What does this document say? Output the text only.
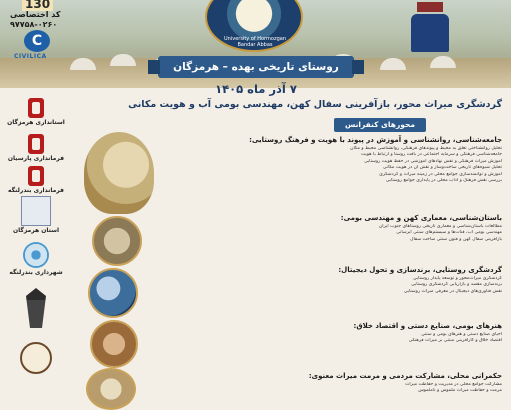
University of Hormozgan Bandar Abbas
130
کد اختصاصی
۹۷۷۵۸-۰۲۶۰
C
CIVILICA
روستای تاریخی بهده – هرمزگان
۷ آذر ماه ۱۴۰۵
استانداری هرمزگان
فرمانداری پارسیان
فرمانداری بندرلنگه
استان هرمزگان
شهرداری بندرلنگه
گردشگری میراث محور، بازآفرینی سفال کهن، مهندسی بومی آب و هویت مکانی
محورهای کنفرانس
جامعه‌شناسی، روانشناسی و آموزش در پیوند با هویت و فرهنگ روستایی:
تحلیل روانشناختی تعلق به محیط و پیوندهای فرهنگی، روانشناسی محیط و مکان
جامعه‌شناسی فرهنگی و سرمایه اجتماعی در بافت روستا و ارتباط با هویت
آموزش میراث فرهنگی و نقش نهادهای آموزشی در حفظ هویت روستایی
تحلیل شیوه‌های تاریخی ساخت‌وساز و نقش آن در هویت مکانی
آموزش و توانمندسازی جوامع محلی در زمینه میراث و گردشگری
بررسی نقش فرهنگ و آداب محلی در پایداری جوامع روستایی
باستان‌شناسی، معماری کهن و مهندسی بومی:
مطالعات باستان‌شناسی و معماری تاریخی روستاهای جنوب ایران
مهندسی بومی آب، قنات‌ها و سیستم‌های سنتی آبرسانی
بازآفرینی سفال کهن و فنون سنتی ساخت سفال
گردشگری روستایی، برندسازی و تحول دیجیتال:
گردشگری میراث‌محور و توسعه پایدار روستایی
برندسازی مقصد و بازاریابی گردشگری روستایی
نقش فناوری‌های دیجیتال در معرفی میراث روستایی
هنرهای بومی، صنایع دستی و اقتصاد خلاق:
احیای صنایع دستی و هنرهای بومی و سنتی
اقتصاد خلاق و کارآفرینی مبتنی بر میراث فرهنگی
حکمرانی محلی، مشارکت مردمی و مرمت میراث معنوی:
مشارکت جوامع محلی در مدیریت و حفاظت میراث
مرمت و حفاظت میراث ملموس و ناملموس
